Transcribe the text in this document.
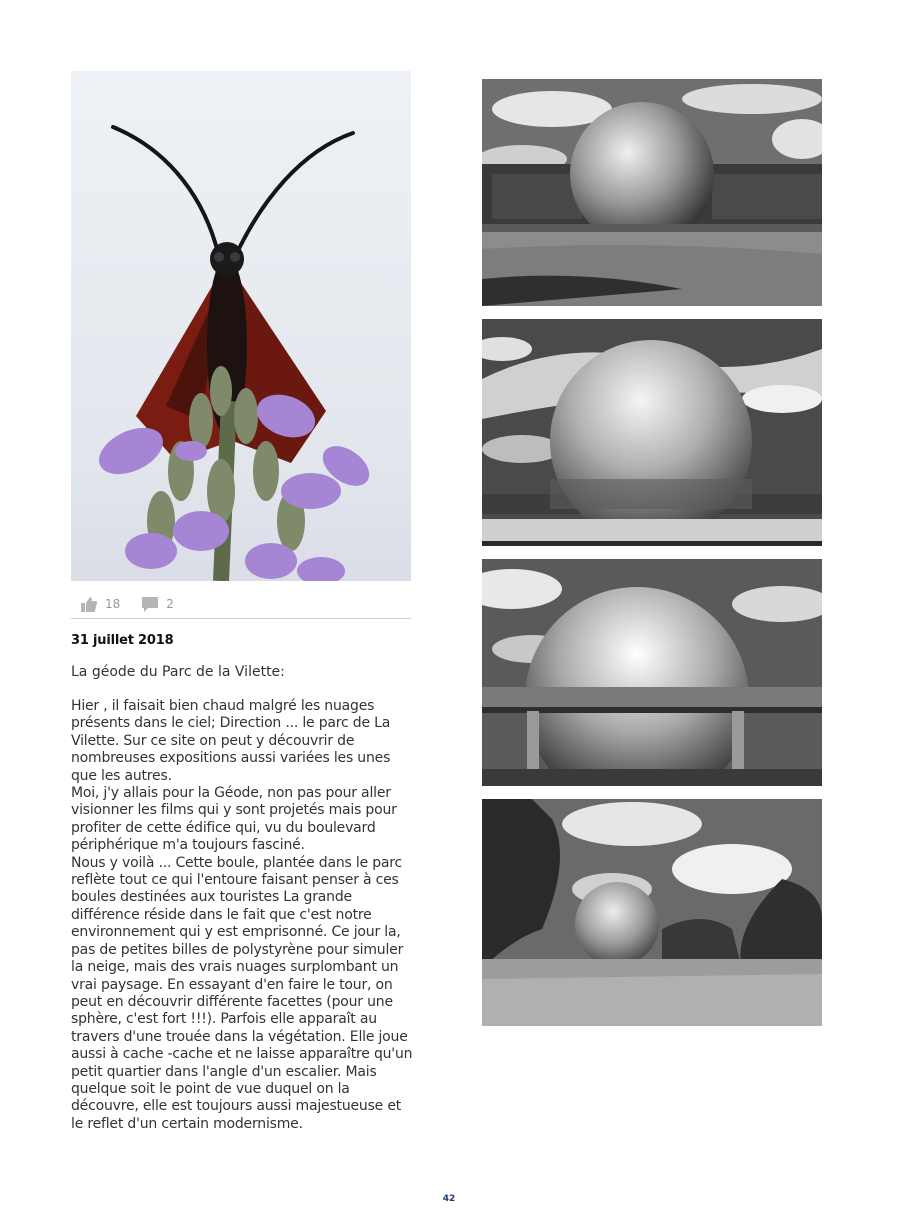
18	2
31 juillet 2018
La géode du Parc de la Vilette:
Hier , il faisait bien chaud malgré les nuages présents dans le ciel; Direction ... le parc de La Vilette. Sur ce site on peut y découvrir de nombreuses expositions aussi variées les unes que les autres.
Moi, j'y allais pour la Géode, non pas pour aller visionner les films qui y sont projetés mais pour profiter de cette édifice qui, vu du boulevard périphérique m'a toujours fasciné.
Nous y voilà ... Cette boule, plantée dans le parc reflète tout ce qui l'entoure faisant penser à ces boules destinées aux touristes La grande différence réside dans le fait que c'est notre environnement qui y est emprisonné. Ce jour la, pas de petites billes de polystyrène pour simuler la neige, mais des vrais nuages surplombant un vrai paysage. En essayant d'en faire le tour, on peut en découvrir différente facettes (pour une sphère, c'est fort !!!). Parfois elle apparaît au travers d'une trouée dans la végétation. Elle joue aussi à cache -cache et ne laisse apparaître qu'un petit quartier dans l'angle d'un escalier. Mais quelque soit le point de vue duquel on la découvre, elle est toujours aussi majestueuse et le reflet d'un certain modernisme.
42
